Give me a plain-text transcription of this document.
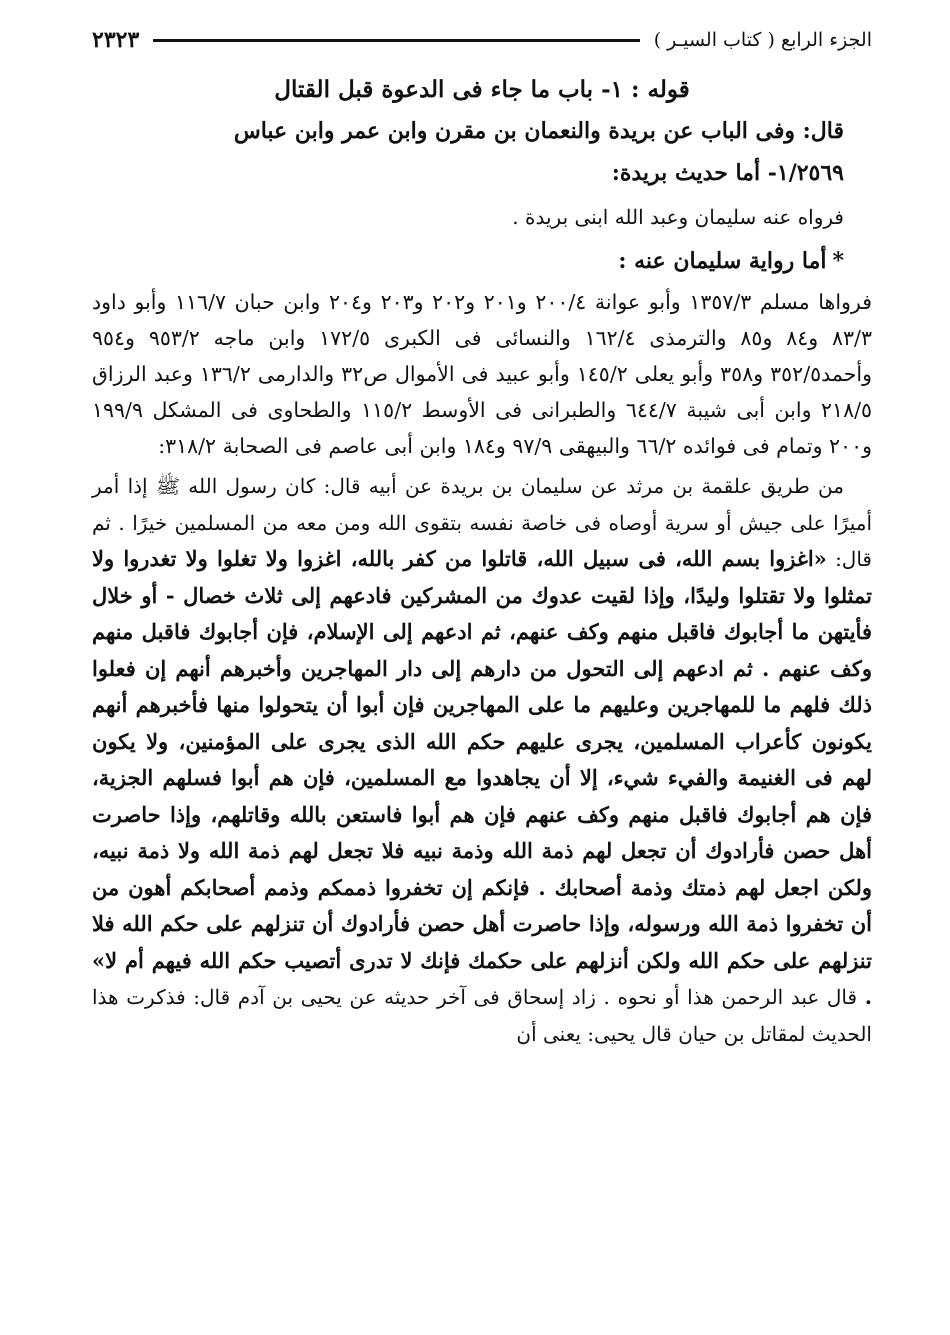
الجزء الرابع ( كتاب السيـر )
٢٣٢٣
قوله : ١- باب ما جاء فى الدعوة قبل القتال
قال: وفى الباب عن بريدة والنعمان بن مقرن وابن عمر وابن عباس
١/٢٥٦٩- أما حديث بريدة:
فرواه عنه سليمان وعبد الله ابنى بريدة .
*أما رواية سليمان عنه :
فرواها مسلم ١٣٥٧/٣ وأبو عوانة ٢٠٠/٤ و٢٠١ و٢٠٢ و٢٠٣ و٢٠٤ وابن حبان ١١٦/٧ وأبو داود ٨٣/٣ و٨٤ و٨٥ والترمذى ١٦٢/٤ والنسائى فى الكبرى ١٧٢/٥ وابن ماجه ٩٥٣/٢ و٩٥٤ وأحمد٣٥٢/٥ و٣٥٨ وأبو يعلى ١٤٥/٢ وأبو عبيد فى الأموال ص٣٢ والدارمى ١٣٦/٢ وعبد الرزاق ٢١٨/٥ وابن أبى شيبة ٦٤٤/٧ والطبرانى فى الأوسط ١١٥/٢ والطحاوى فى المشكل ١٩٩/٩ و٢٠٠ وتمام فى فوائده ٦٦/٢ والبيهقى ٩٧/٩ و١٨٤ وابن أبى عاصم فى الصحابة ٣١٨/٢:
من طريق علقمة بن مرثد عن سليمان بن بريدة عن أبيه قال: كان رسول الله ﷺ إذا أمر أميرًا على جيش أو سرية أوصاه فى خاصة نفسه بتقوى الله ومن معه من المسلمين خيرًا . ثم قال: «اغزوا بسم الله، فى سبيل الله، قاتلوا من كفر بالله، اغزوا ولا تغلوا ولا تغدروا ولا تمثلوا ولا تقتلوا وليدًا، وإذا لقيت عدوك من المشركين فادعهم إلى ثلاث خصال - أو خلال فأيتهن ما أجابوك فاقبل منهم وكف عنهم، ثم ادعهم إلى الإسلام، فإن أجابوك فاقبل منهم وكف عنهم . ثم ادعهم إلى التحول من دارهم إلى دار المهاجرين وأخبرهم أنهم إن فعلوا ذلك فلهم ما للمهاجرين وعليهم ما على المهاجرين فإن أبوا أن يتحولوا منها فأخبرهم أنهم يكونون كأعراب المسلمين، يجرى عليهم حكم الله الذى يجرى على المؤمنين، ولا يكون لهم فى الغنيمة والفيء شيء، إلا أن يجاهدوا مع المسلمين، فإن هم أبوا فسلهم الجزية، فإن هم أجابوك فاقبل منهم وكف عنهم فإن هم أبوا فاستعن بالله وقاتلهم، وإذا حاصرت أهل حصن فأرادوك أن تجعل لهم ذمة الله وذمة نبيه فلا تجعل لهم ذمة الله ولا ذمة نبيه، ولكن اجعل لهم ذمتك وذمة أصحابك . فإنكم إن تخفروا ذممكم وذمم أصحابكم أهون من أن تخفروا ذمة الله ورسوله، وإذا حاصرت أهل حصن فأرادوك أن تنزلهم على حكم الله فلا تنزلهم على حكم الله ولكن أنزلهم على حكمك فإنك لا تدرى أتصيب حكم الله فيهم أم لا» . قال عبد الرحمن هذا أو نحوه . زاد إسحاق فى آخر حديثه عن يحيى بن آدم قال: فذكرت هذا الحديث لمقاتل بن حيان قال يحيى: يعنى أن
